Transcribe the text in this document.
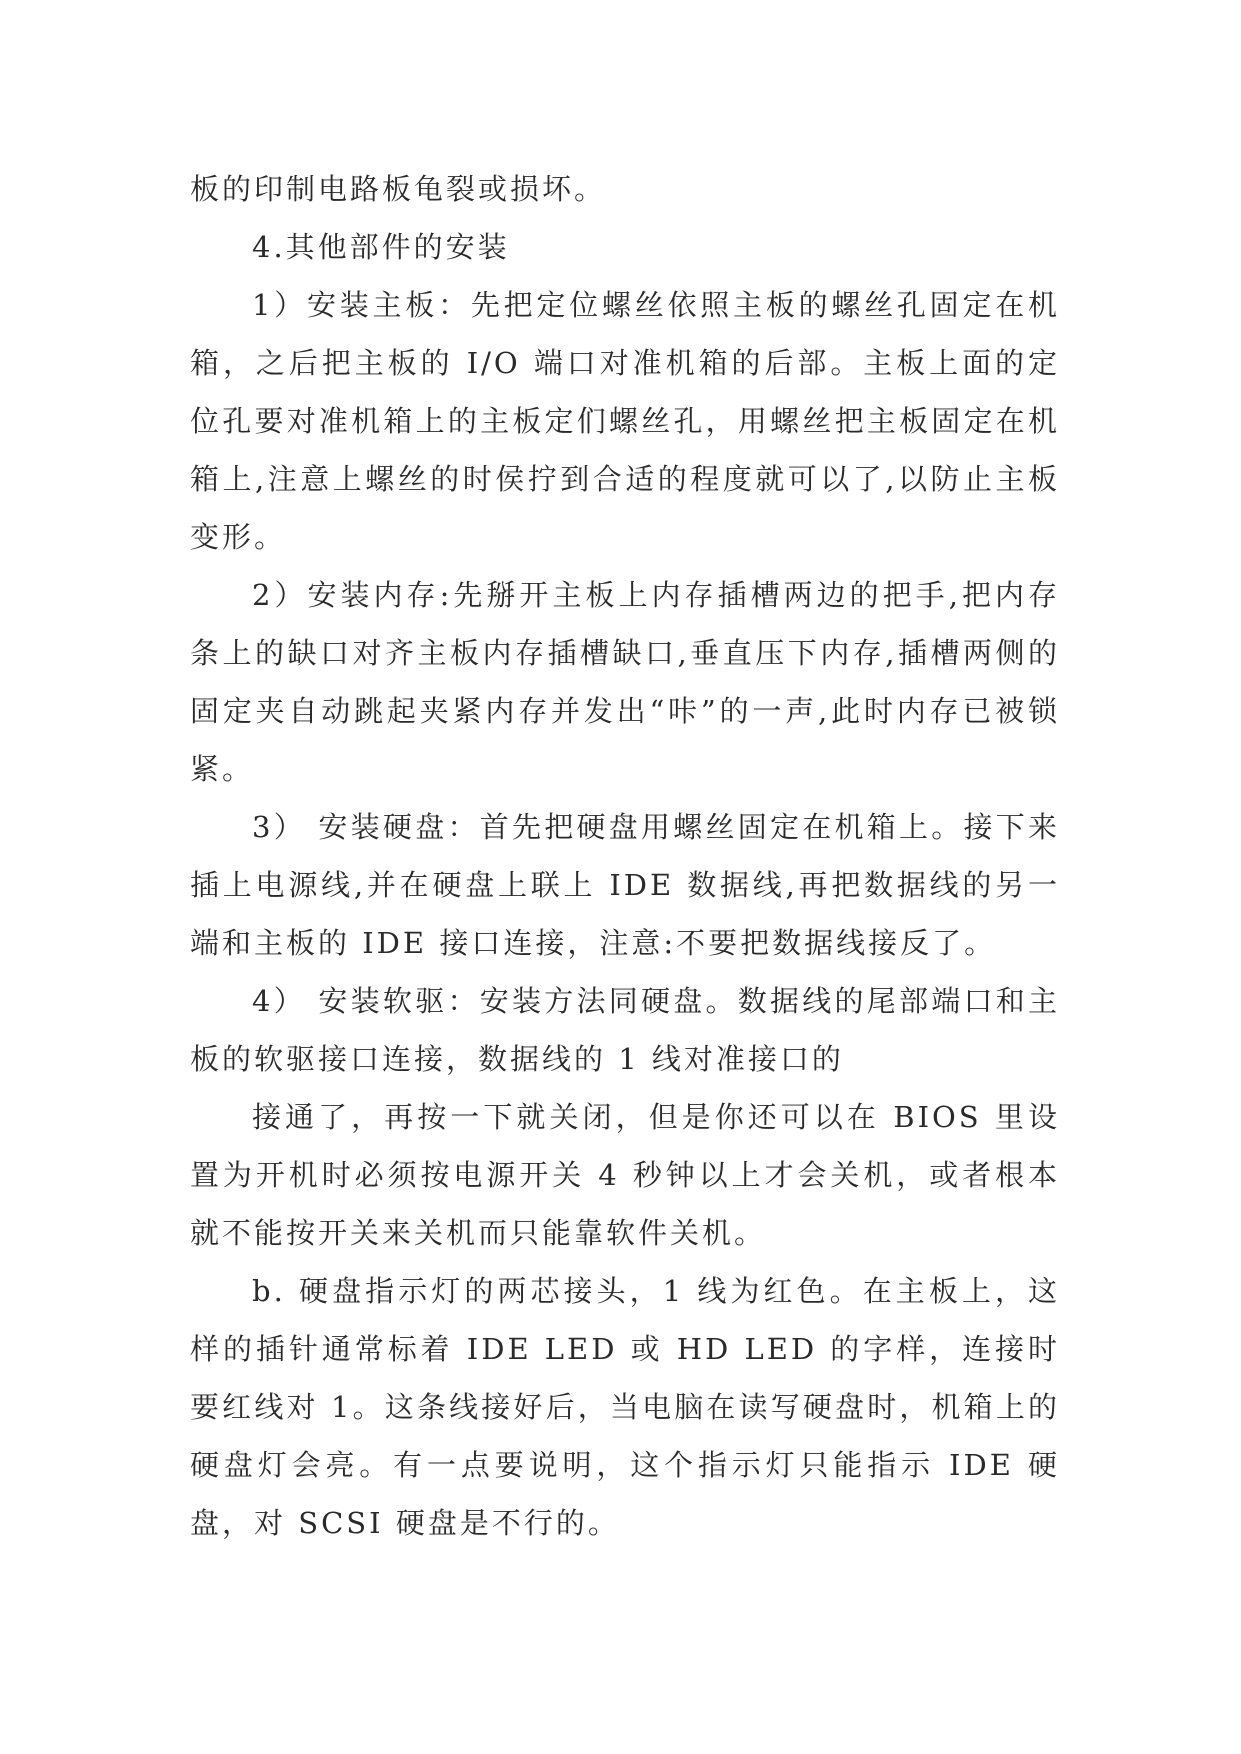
板的印制电路板龟裂或损坏。

4.其他部件的安装

1）安装主板：先把定位螺丝依照主板的螺丝孔固定在机箱，之后把主板的 I/O 端口对准机箱的后部。主板上面的定位孔要对准机箱上的主板定们螺丝孔，用螺丝把主板固定在机箱上,注意上螺丝的时侯拧到合适的程度就可以了,以防止主板变形。

2）安装内存:先掰开主板上内存插槽两边的把手,把内存条上的缺口对齐主板内存插槽缺口,垂直压下内存,插槽两侧的固定夹自动跳起夹紧内存并发出“咔”的一声,此时内存已被锁紧。

3） 安装硬盘：首先把硬盘用螺丝固定在机箱上。接下来插上电源线,并在硬盘上联上 IDE 数据线,再把数据线的另一端和主板的 IDE 接口连接，注意:不要把数据线接反了。

4） 安装软驱：安装方法同硬盘。数据线的尾部端口和主板的软驱接口连接，数据线的 1 线对准接口的

接通了，再按一下就关闭，但是你还可以在 BIOS 里设置为开机时必须按电源开关 4 秒钟以上才会关机，或者根本就不能按开关来关机而只能靠软件关机。

b. 硬盘指示灯的两芯接头，1 线为红色。在主板上，这样的插针通常标着 IDE LED 或 HD LED 的字样，连接时要红线对 1。这条线接好后，当电脑在读写硬盘时，机箱上的硬盘灯会亮。有一点要说明，这个指示灯只能指示 IDE 硬盘，对 SCSI 硬盘是不行的。
